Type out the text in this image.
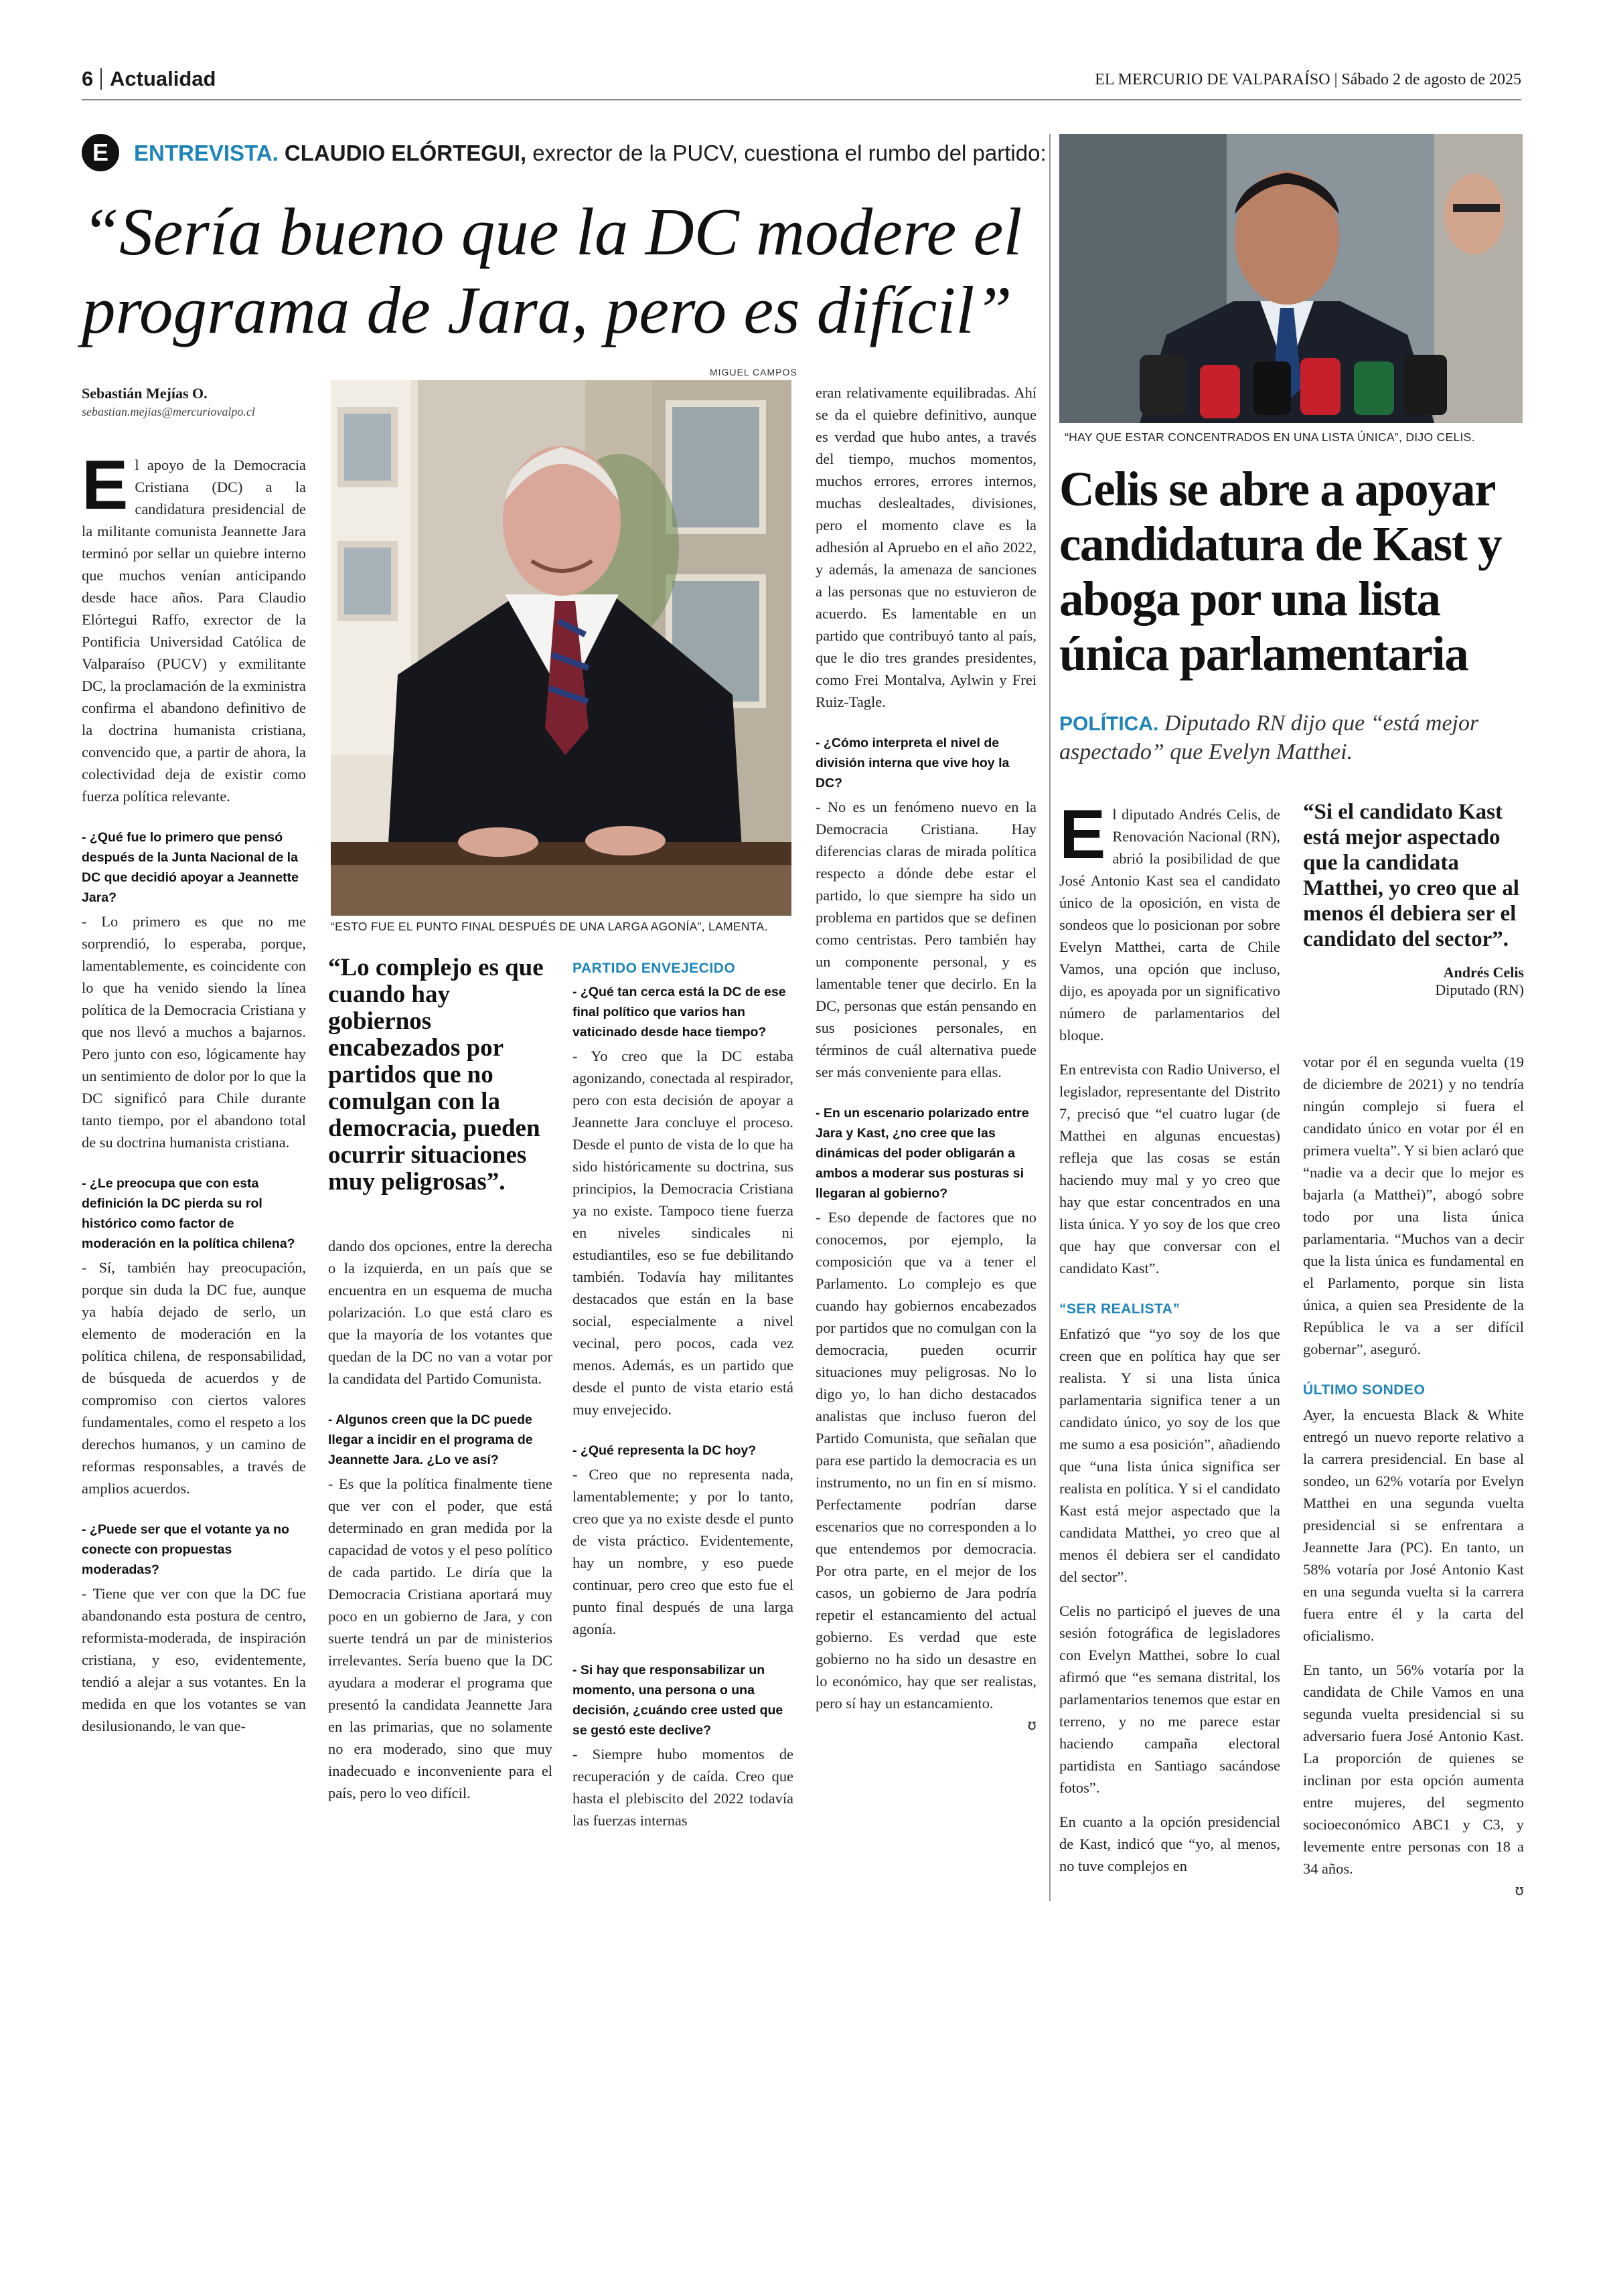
6 Actualidad	EL MERCURIO DE VALPARAÍSO | Sábado 2 de agosto de 2025
E	ENTREVISTA. CLAUDIO ELÓRTEGUI, exrector de la PUCV, cuestiona el rumbo del partido:
“Sería bueno que la DC modere el
programa de Jara, pero es difícil”
Sebastián Mejías O.
sebastian.mejias@mercuriovalpo.cl
MIGUEL CAMPOS
“ESTO FUE EL PUNTO FINAL DESPUÉS DE UNA LARGA AGONÍA”, LAMENTA.

El apoyo de la Democracia Cristiana (DC) a la candidatura presidencial de la militante comunista Jeannette Jara terminó por sellar un quiebre interno que muchos venían anticipando desde hace años. Para Claudio Elórtegui Raffo, exrector de la Pontificia Universidad Católica de Valparaíso (PUCV) y exmilitante DC, la proclamación de la exministra confirma el abandono definitivo de la doctrina humanista cristiana, convencido que, a partir de ahora, la colectividad deja de existir como fuerza política relevante.

- ¿Qué fue lo primero que pensó después de la Junta Nacional de la DC que decidió apoyar a Jeannette Jara?

- Lo primero es que no me sorprendió, lo esperaba, porque, lamentablemente, es coincidente con lo que ha venido siendo la línea política de la Democracia Cristiana y que nos llevó a muchos a bajarnos. Pero junto con eso, lógicamente hay un sentimiento de dolor por lo que la DC significó para Chile durante tanto tiempo, por el abandono total de su doctrina humanista cristiana.

- ¿Le preocupa que con esta definición la DC pierda su rol histórico como factor de moderación en la política chilena?

- Sí, también hay preocupación, porque sin duda la DC fue, aunque ya había dejado de serlo, un elemento de moderación en la política chilena, de responsabilidad, de búsqueda de acuerdos y de compromiso con ciertos valores fundamentales, como el respeto a los derechos humanos, y un camino de reformas responsables, a través de amplios acuerdos.

- ¿Puede ser que el votante ya no conecte con propuestas moderadas?

- Tiene que ver con que la DC fue abandonando esta postura de centro, reformista-moderada, de inspiración cristiana, y eso, evidentemente, tendió a alejar a sus votantes. En la medida en que los votantes se van desilusionando, le van que-

“Lo complejo es que cuando hay gobiernos encabezados por partidos que no comulgan con la democracia, pueden ocurrir situaciones muy peligrosas”.

dando dos opciones, entre la derecha o la izquierda, en un país que se encuentra en un esquema de mucha polarización. Lo que está claro es que la mayoría de los votantes que quedan de la DC no van a votar por la candidata del Partido Comunista.

- Algunos creen que la DC puede llegar a incidir en el programa de Jeannette Jara. ¿Lo ve así?

- Es que la política finalmente tiene que ver con el poder, que está determinado en gran medida por la capacidad de votos y el peso político de cada partido. Le diría que la Democracia Cristiana aportará muy poco en un gobierno de Jara, y con suerte tendrá un par de ministerios irrelevantes. Sería bueno que la DC ayudara a moderar el programa que presentó la candidata Jeannette Jara en las primarias, que no solamente no era moderado, sino que muy inadecuado e inconveniente para el país, pero lo veo difícil.

PARTIDO ENVEJECIDO
- ¿Qué tan cerca está la DC de ese final político que varios han vaticinado desde hace tiempo?

- Yo creo que la DC estaba agonizando, conectada al respirador, pero con esta decisión de apoyar a Jeannette Jara concluye el proceso. Desde el punto de vista de lo que ha sido históricamente su doctrina, sus principios, la Democracia Cristiana ya no existe. Tampoco tiene fuerza en niveles sindicales ni estudiantiles, eso se fue debilitando también. Todavía hay militantes destacados que están en la base social, especialmente a nivel vecinal, pero pocos, cada vez menos. Además, es un partido que desde el punto de vista etario está muy envejecido.

- ¿Qué representa la DC hoy?

- Creo que no representa nada, lamentablemente; y por lo tanto, creo que ya no existe desde el punto de vista práctico. Evidentemente, hay un nombre, y eso puede continuar, pero creo que esto fue el punto final después de una larga agonía.

- Si hay que responsabilizar un momento, una persona o una decisión, ¿cuándo cree usted que se gestó este declive?

- Siempre hubo momentos de recuperación y de caída. Creo que hasta el plebiscito del 2022 todavía las fuerzas internas

eran relativamente equilibradas. Ahí se da el quiebre definitivo, aunque es verdad que hubo antes, a través del tiempo, muchos momentos, muchos errores, errores internos, muchas deslealtades, divisiones, pero el momento clave es la adhesión al Apruebo en el año 2022, y además, la amenaza de sanciones a las personas que no estuvieron de acuerdo. Es lamentable en un partido que contribuyó tanto al país, que le dio tres grandes presidentes, como Frei Montalva, Aylwin y Frei Ruiz-Tagle.

- ¿Cómo interpreta el nivel de división interna que vive hoy la DC?

- No es un fenómeno nuevo en la Democracia Cristiana. Hay diferencias claras de mirada política respecto a dónde debe estar el partido, lo que siempre ha sido un problema en partidos que se definen como centristas. Pero también hay un componente personal, y es lamentable tener que decirlo. En la DC, personas que están pensando en sus posiciones personales, en términos de cuál alternativa puede ser más conveniente para ellas.

- En un escenario polarizado entre Jara y Kast, ¿no cree que las dinámicas del poder obligarán a ambos a moderar sus posturas si llegaran al gobierno?

- Eso depende de factores que no conocemos, por ejemplo, la composición que va a tener el Parlamento. Lo complejo es que cuando hay gobiernos encabezados por partidos que no comulgan con la democracia, pueden ocurrir situaciones muy peligrosas. No lo digo yo, lo han dicho destacados analistas que incluso fueron del Partido Comunista, que señalan que para ese partido la democracia es un instrumento, no un fin en sí mismo. Perfectamente podrían darse escenarios que no corresponden a lo que entendemos por democracia. Por otra parte, en el mejor de los casos, un gobierno de Jara podría repetir el estancamiento del actual gobierno. Es verdad que este gobierno no ha sido un desastre en lo económico, hay que ser realistas, pero sí hay un estancamiento.

ʊ
“HAY QUE ESTAR CONCENTRADOS EN UNA LISTA ÚNICA”, DIJO CELIS.
Celis se abre a apoyar candidatura de Kast y aboga por una lista única parlamentaria
POLÍTICA. Diputado RN dijo que “está mejor aspectado” que Evelyn Matthei.
“Si el candidato Kast está mejor aspectado que la candidata Matthei, yo creo que al menos él debiera ser el candidato del sector”.
Andrés Celis
Diputado (RN)

El diputado Andrés Celis, de Renovación Nacional (RN), abrió la posibilidad de que José Antonio Kast sea el candidato único de la oposición, en vista de sondeos que lo posicionan por sobre Evelyn Matthei, carta de Chile Vamos, una opción que incluso, dijo, es apoyada por un significativo número de parlamentarios del bloque.

En entrevista con Radio Universo, el legislador, representante del Distrito 7, precisó que “el cuatro lugar (de Matthei en algunas encuestas) refleja que las cosas se están haciendo muy mal y yo creo que hay que estar concentrados en una lista única. Y yo soy de los que creo que hay que conversar con el candidato Kast”.

“SER REALISTA”

Enfatizó que “yo soy de los que creen que en política hay que ser realista. Y si una lista única parlamentaria significa tener a un candidato único, yo soy de los que me sumo a esa posición”, añadiendo que “una lista única significa ser realista en política. Y si el candidato Kast está mejor aspectado que la candidata Matthei, yo creo que al menos él debiera ser el candidato del sector”.

Celis no participó el jueves de una sesión fotográfica de legisladores con Evelyn Matthei, sobre lo cual afirmó que “es semana distrital, los parlamentarios tenemos que estar en terreno, y no me parece estar haciendo campaña electoral partidista en Santiago sacándose fotos”.

En cuanto a la opción presidencial de Kast, indicó que “yo, al menos, no tuve complejos en

votar por él en segunda vuelta (19 de diciembre de 2021) y no tendría ningún complejo si fuera el candidato único en votar por él en primera vuelta”. Y si bien aclaró que “nadie va a decir que lo mejor es bajarla (a Matthei)”, abogó sobre todo por una lista única parlamentaria. “Muchos van a decir que la lista única es fundamental en el Parlamento, porque sin lista única, a quien sea Presidente de la República le va a ser difícil gobernar”, aseguró.

ÚLTIMO SONDEO

Ayer, la encuesta Black & White entregó un nuevo reporte relativo a la carrera presidencial. En base al sondeo, un 62% votaría por Evelyn Matthei en una segunda vuelta presidencial si se enfrentara a Jeannette Jara (PC). En tanto, un 58% votaría por José Antonio Kast en una segunda vuelta si la carrera fuera entre él y la carta del oficialismo.

En tanto, un 56% votaría por la candidata de Chile Vamos en una segunda vuelta presidencial si su adversario fuera José Antonio Kast. La proporción de quienes se inclinan por esta opción aumenta entre mujeres, del segmento socioeconómico ABC1 y C3, y levemente entre personas con 18 a 34 años.

ʊ
